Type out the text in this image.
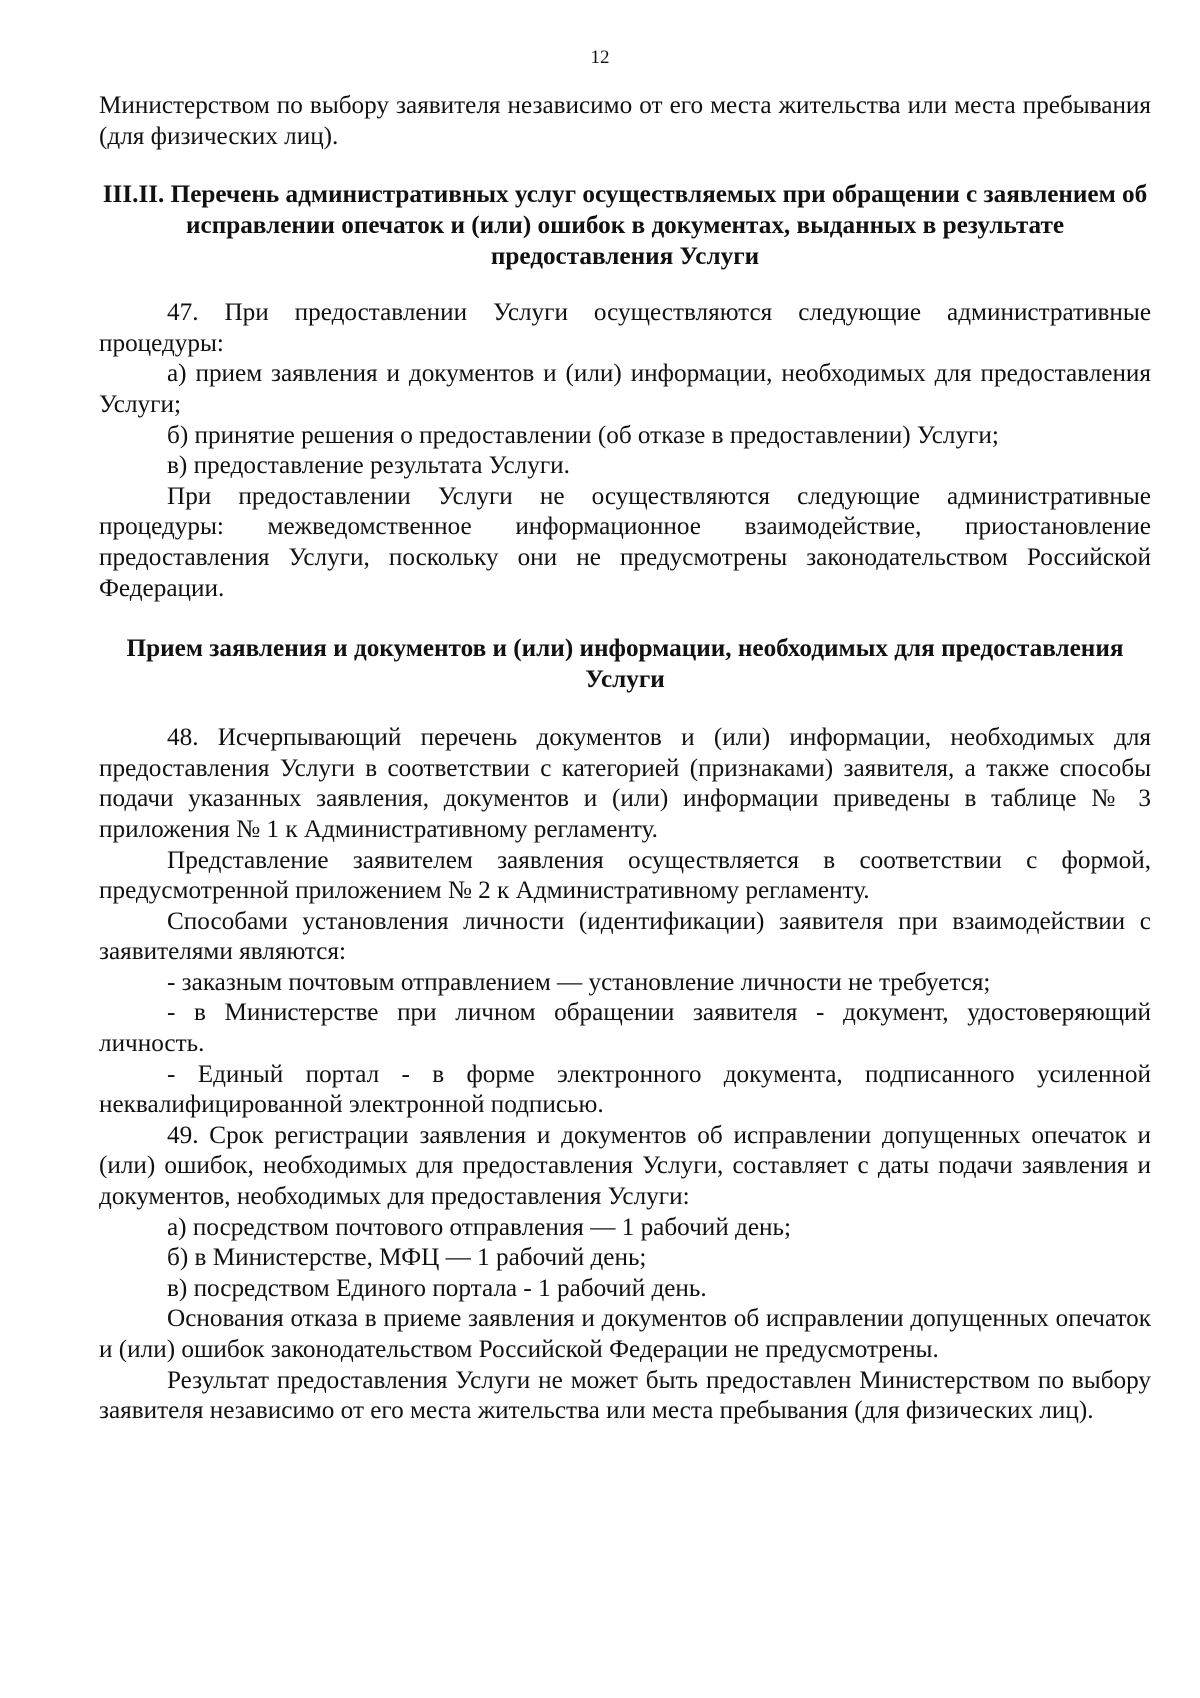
12

Министерством по выбору заявителя независимо от его места жительства или места пребывания (для физических лиц).

III.II. Перечень административных услуг осуществляемых при обращении с заявлением об исправлении опечаток и (или) ошибок в документах, выданных в результате предоставления Услуги

47. При предоставлении Услуги осуществляются следующие административные процедуры:

а) прием заявления и документов и (или) информации, необходимых для предоставления Услуги;

б) принятие решения о предоставлении (об отказе в предоставлении) Услуги;

в) предоставление результата Услуги.

При предоставлении Услуги не осуществляются следующие административные процедуры: межведомственное информационное взаимодействие, приостановление предоставления Услуги, поскольку они не предусмотрены законодательством Российской Федерации.

Прием заявления и документов и (или) информации, необходимых для предоставления Услуги

48. Исчерпывающий перечень документов и (или) информации, необходимых для предоставления Услуги в соответствии с категорией (признаками) заявителя, а также способы подачи указанных заявления, документов и (или) информации приведены в таблице № 3 приложения № 1 к Административному регламенту.

Представление заявителем заявления осуществляется в соответствии с формой, предусмотренной приложением № 2 к Административному регламенту.

Способами установления личности (идентификации) заявителя при взаимодействии с заявителями являются:

- заказным почтовым отправлением — установление личности не требуется;

- в Министерстве при личном обращении заявителя - документ, удостоверяющий личность.

- Единый портал - в форме электронного документа, подписанного усиленной неквалифицированной электронной подписью.

49. Срок регистрации заявления и документов об исправлении допущенных опечаток и (или) ошибок, необходимых для предоставления Услуги, составляет с даты подачи заявления и документов, необходимых для предоставления Услуги:

а) посредством почтового отправления — 1 рабочий день;

б) в Министерстве, МФЦ — 1 рабочий день;

в) посредством Единого портала - 1 рабочий день.

Основания отказа в приеме заявления и документов об исправлении допущенных опечаток и (или) ошибок законодательством Российской Федерации не предусмотрены.

Результат предоставления Услуги не может быть предоставлен Министерством по выбору заявителя независимо от его места жительства или места пребывания (для физических лиц).
